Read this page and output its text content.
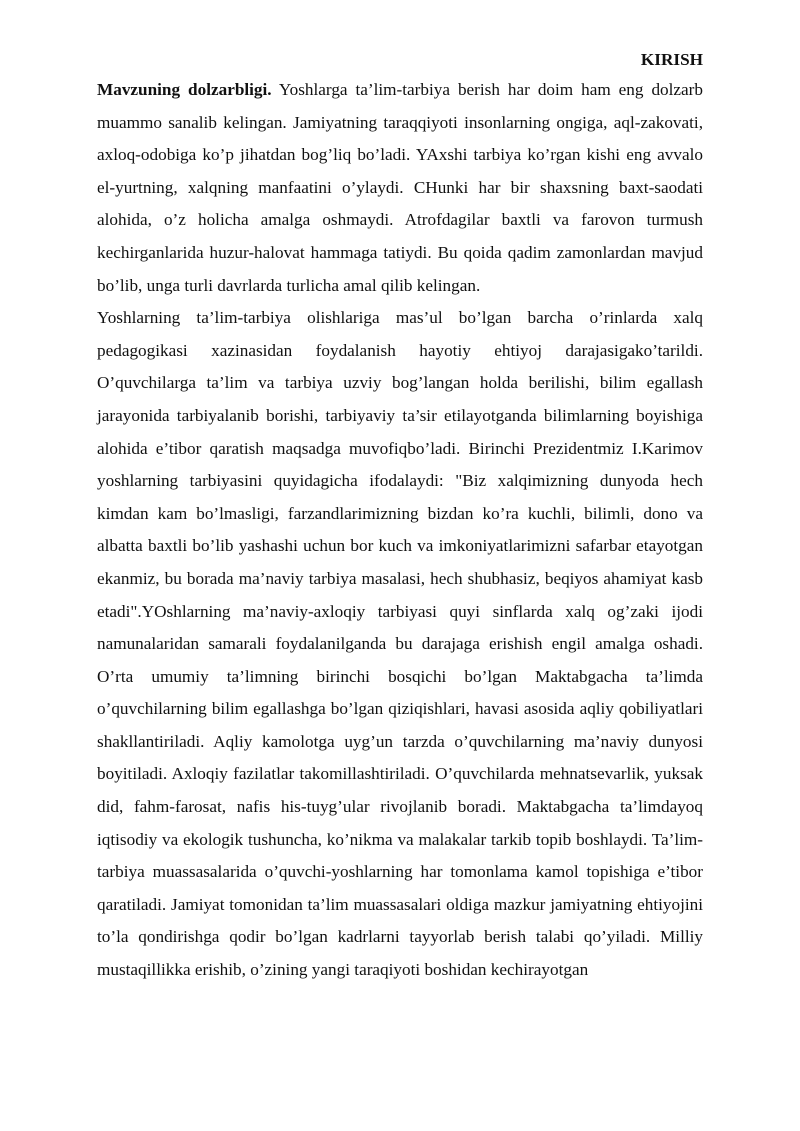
KIRISH

Mavzuning dolzarbligi. Yoshlarga ta’lim-tarbiya berish har doim ham eng dolzarb muammo sanalib kelingan. Jamiyatning taraqqiyoti insonlarning ongiga, aql-zakovati, axloq-odobiga ko’p jihatdan bog’liq bo’ladi. YAxshi tarbiya ko’rgan kishi eng avvalo el-yurtning, xalqning manfaatini o’ylaydi. CHunki har bir shaxsning baxt-saodati alohida, o’z holicha amalga oshmaydi. Atrofdagilar baxtli va farovon turmush kechirganlarida huzur-halovat hammaga tatiydi. Bu qoida qadim zamonlardan mavjud bo’lib, unga turli davrlarda turlicha amal qilib kelingan.

Yoshlarning ta’lim-tarbiya olishlariga mas’ul bo’lgan barcha o’rinlarda xalq pedagogikasi xazinasidan foydalanish hayotiy ehtiyoj darajasigako’tarildi. O’quvchilarga ta’lim va tarbiya uzviy bog’langan holda berilishi, bilim egallash jarayonida tarbiyalanib borishi, tarbiyaviy ta’sir etilayotganda bilimlarning boyishiga alohida e’tibor qaratish maqsadga muvofiqbo’ladi. Birinchi Prezidentmiz I.Karimov yoshlarning tarbiyasini quyidagicha ifodalaydi: "Biz xalqimizning dunyoda hech kimdan kam bo’lmasligi, farzandlarimizning bizdan ko’ra kuchli, bilimli, dono va albatta baxtli bo’lib yashashi uchun bor kuch va imkoniyatlarimizni safarbar etayotgan ekanmiz, bu borada ma’naviy tarbiya masalasi, hech shubhasiz, beqiyos ahamiyat kasb etadi".YOshlarning ma’naviy-axloqiy tarbiyasi quyi sinflarda xalq og’zaki ijodi namunalaridan samarali foydalanilganda bu darajaga erishish engil amalga oshadi. O’rta umumiy ta’limning birinchi bosqichi bo’lgan Maktabgacha ta’limda o’quvchilarning bilim egallashga bo’lgan qiziqishlari, havasi asosida aqliy qobiliyatlari shakllantiriladi. Aqliy kamolotga uyg’un tarzda o’quvchilarning ma’naviy dunyosi boyitiladi. Axloqiy fazilatlar takomillashtiriladi. O’quvchilarda mehnatsevarlik, yuksak did, fahm-farosat, nafis his-tuyg’ular rivojlanib boradi. Maktabgacha ta’limdayoq iqtisodiy va ekologik tushuncha, ko’nikma va malakalar tarkib topib boshlaydi. Ta’lim-tarbiya muassasalarida o’quvchi-yoshlarning har tomonlama kamol topishiga e’tibor qaratiladi. Jamiyat tomonidan ta’lim muassasalari oldiga mazkur jamiyatning ehtiyojini to’la qondirishga qodir bo’lgan kadrlarni tayyorlab berish talabi qo’yiladi. Milliy mustaqillikka erishib, o’zining yangi taraqiyoti boshidan kechirayotgan
